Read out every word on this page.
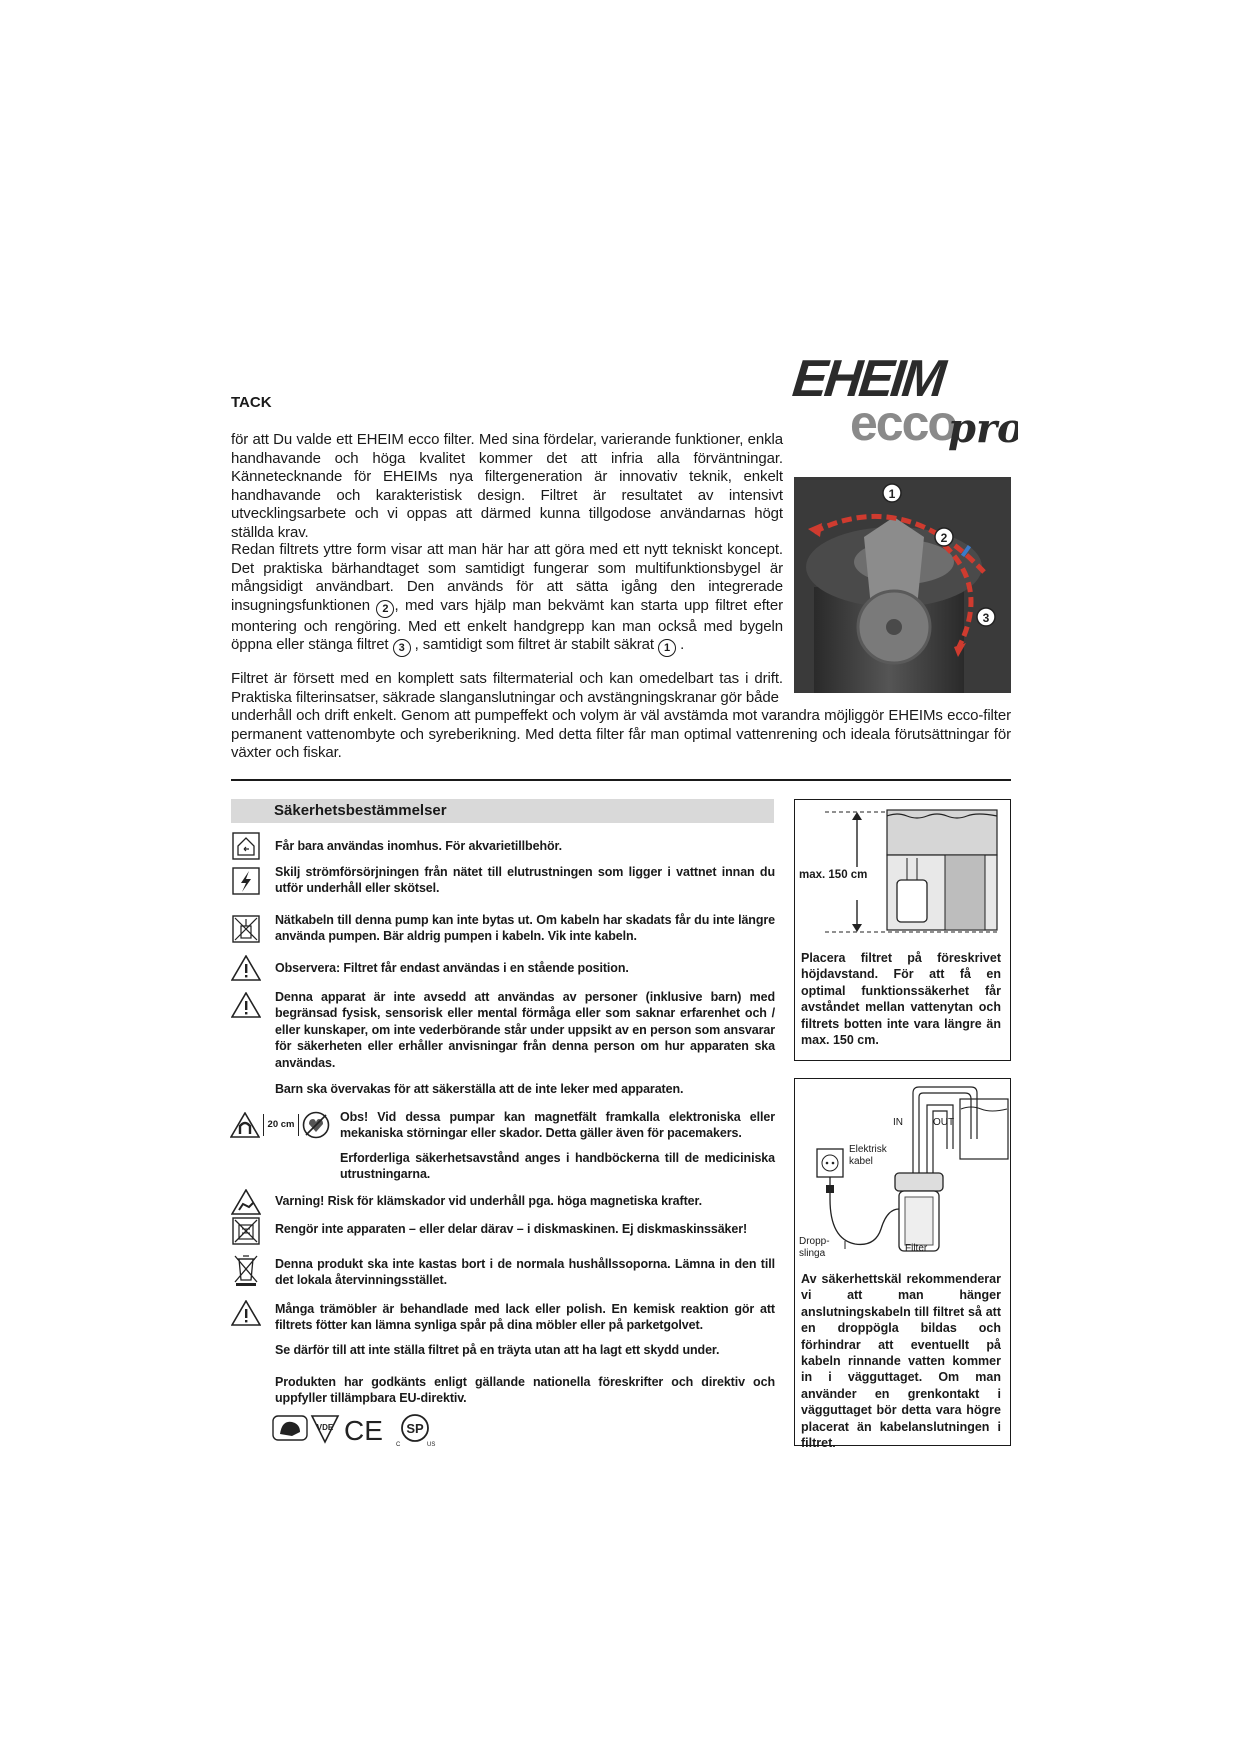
EHEIM
ecco
pro
1
2
3
TACK

för att Du valde ett EHEIM ecco filter. Med sina fördelar, varierande funktioner, enkla handhavande och höga kvalitet kommer det att infria alla förväntningar. Kännetecknande för EHEIMs nya filtergeneration är innovativ teknik, enkelt handhavande och karakteristisk design. Filtret är resultatet av intensivt utvecklingsarbete och vi oppas att därmed kunna tillgodose användarnas högt ställda krav.

Redan filtrets yttre form visar att man här har att göra med ett nytt tekniskt koncept. Det praktiska bärhandtaget som samtidigt fungerar som multifunktionsbygel är mångsidigt användbart. Den används för att sätta igång den integrerade insugningsfunktionen 2 , med vars hjälp man bekvämt kan starta upp filtret efter montering och rengöring. Med ett enkelt handgrepp kan man också med bygeln öppna eller stänga filtret 3 , samtidigt som filtret är stabilt säkrat 1 .

Filtret är försett med en komplett sats filtermaterial och kan omedelbart tas i drift. Praktiska filterinsatser, säkrade slanganslutningar och avstängningskranar gör både

underhåll och drift enkelt. Genom att pumpeffekt och volym är väl avstämda mot varandra möjliggör EHEIMs ecco-filter permanent vattenombyte och syreberikning. Med detta filter får man optimal vattenrening och ideala förutsättningar för växter och fiskar.

Säkerhetsbestämmelser
Får bara användas inomhus. För akvarietillbehör.
Skilj strömförsörjningen från nätet till elutrustningen som ligger i vattnet innan du utför underhåll eller skötsel.
Nätkabeln till denna pump kan inte bytas ut. Om kabeln har skadats får du inte längre använda pumpen. Bär aldrig pumpen i kabeln. Vik inte kabeln.
Observera: Filtret får endast användas i en stående position.
Denna apparat är inte avsedd att användas av personer (inklusive barn) med begränsad fysisk, sensorisk eller mental förmåga eller som saknar erfarenhet och / eller kunskaper, om inte vederbörande står under uppsikt av en person som ansvarar för säkerheten eller erhåller anvisningar från denna person om hur apparaten ska användas.
Barn ska övervakas för att säkerställa att de inte leker med apparaten.
20 cm
Obs! Vid dessa pumpar kan magnetfält framkalla elektroniska eller mekaniska störningar eller skador. Detta gäller även för pacemakers.
Erforderliga säkerhetsavstånd anges i handböckerna till de mediciniska utrustningarna.
Varning! Risk för klämskador vid underhåll pga. höga magnetiska krafter.
Rengör inte apparaten – eller delar därav – i diskmaskinen. Ej diskmaskinssäker!
Denna produkt ska inte kastas bort i de normala hushållssoporna. Lämna in den till det lokala återvinningsstället.
Många trämöbler är behandlade med lack eller polish. En kemisk reaktion gör att filtrets fötter kan lämna synliga spår på dina möbler eller på parketgolvet.
Se därför till att inte ställa filtret på en träyta utan att ha lagt ett skydd under.
Produkten har godkänts enligt gällande nationella föreskrifter och direktiv och uppfyller tillämpbara EU-direktiv.
VDE CE SP
C	US
max. 150 cm
Placera filtret på föreskrivet höjdavstand. För att få en optimal funktionssäkerhet får avståndet mellan vattenytan och filtrets botten inte vara längre än max. 150 cm.
IN	OUT
Elektrisk
kabel
Dropp-
slinga	Filter
Av säkerhettskäl rekommenderar vi att man hänger anslutningskabeln till filtret så att en droppögla bildas och förhindrar att eventuellt på kabeln rinnande vatten kommer in i vägguttaget. Om man använder en grenkontakt i vägguttaget bör detta vara högre placerat än kabelanslutningen i filtret.
